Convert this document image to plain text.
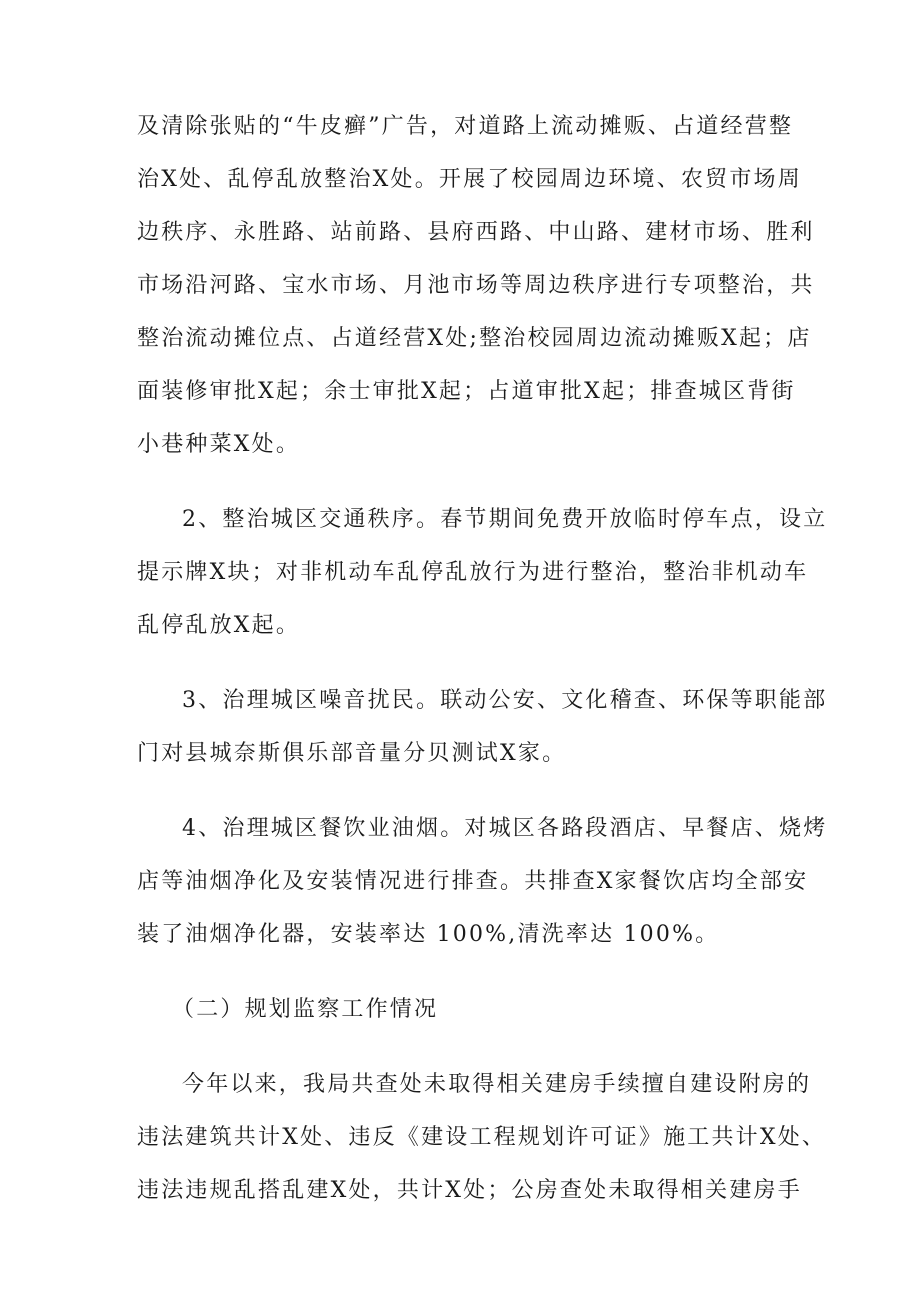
及清除张贴的“牛皮癣”广告，对道路上流动摊贩、占道经营整
治X处、乱停乱放整治X处。开展了校园周边环境、农贸市场周
边秩序、永胜路、站前路、县府西路、中山路、建材市场、胜利
市场沿河路、宝水市场、月池市场等周边秩序进行专项整治，共
整治流动摊位点、占道经营X处;整治校园周边流动摊贩X起；店
面装修审批X起；余士审批X起；占道审批X起；排查城区背街
小巷种菜X处。
2、整治城区交通秩序。春节期间免费开放临时停车点，设立
提示牌X块；对非机动车乱停乱放行为进行整治，整治非机动车
乱停乱放X起。
3、治理城区噪音扰民。联动公安、文化稽查、环保等职能部
门对县城奈斯俱乐部音量分贝测试X家。
4、治理城区餐饮业油烟。对城区各路段酒店、早餐店、烧烤
店等油烟净化及安装情况进行排查。共排查X家餐饮店均全部安
装了油烟净化器，安装率达 100%,清洗率达 100%。
（二）规划监察工作情况
今年以来，我局共查处未取得相关建房手续擅自建设附房的
违法建筑共计X处、违反《建设工程规划许可证》施工共计X处、
违法违规乱搭乱建X处，共计X处；公房查处未取得相关建房手
